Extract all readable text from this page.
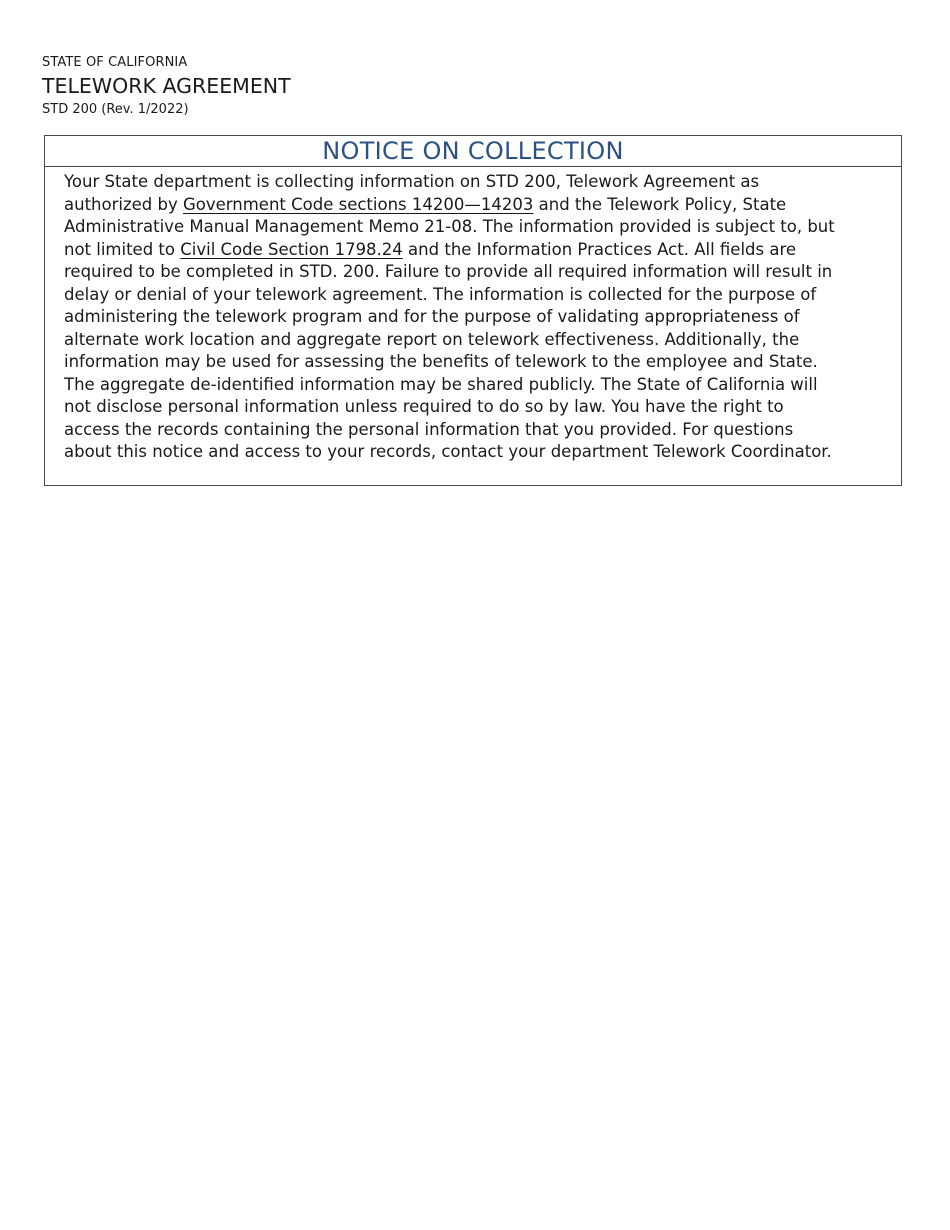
STATE OF CALIFORNIA
TELEWORK AGREEMENT
STD 200 (Rev. 1/2022)
NOTICE ON COLLECTION
Your State department is collecting information on STD 200, Telework Agreement as authorized by Government Code sections 14200—14203 and the Telework Policy, State Administrative Manual Management Memo 21-08. The information provided is subject to, but not limited to Civil Code Section 1798.24 and the Information Practices Act. All fields are required to be completed in STD. 200. Failure to provide all required information will result in delay or denial of your telework agreement. The information is collected for the purpose of administering the telework program and for the purpose of validating appropriateness of alternate work location and aggregate report on telework effectiveness. Additionally, the information may be used for assessing the benefits of telework to the employee and State. The aggregate de-identified information may be shared publicly. The State of California will not disclose personal information unless required to do so by law. You have the right to access the records containing the personal information that you provided. For questions about this notice and access to your records, contact your department Telework Coordinator.
